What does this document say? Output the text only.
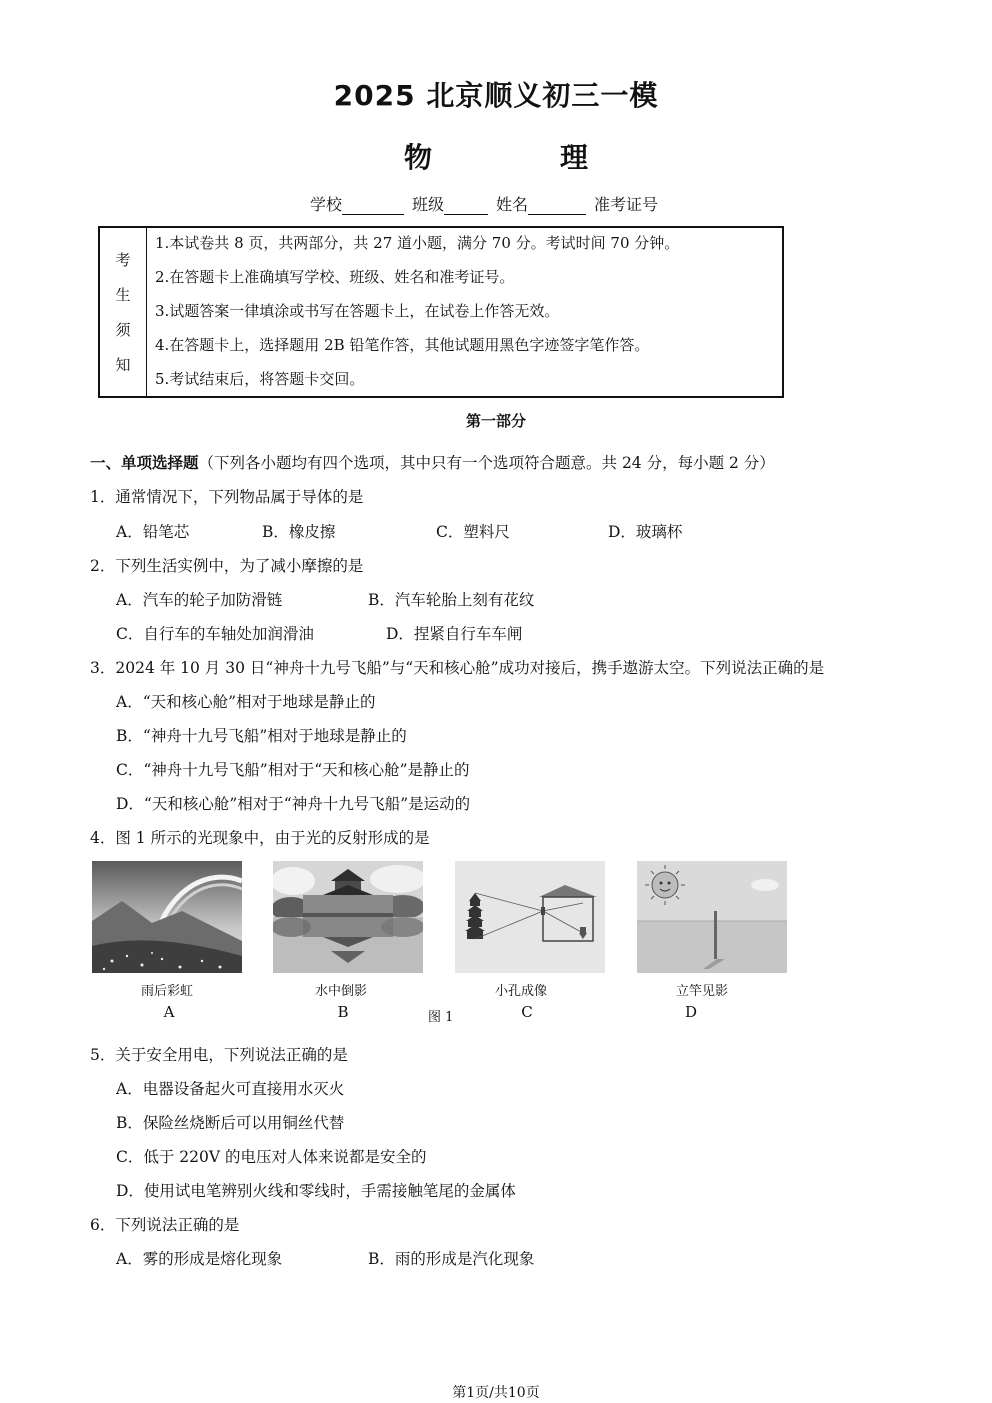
2025 北京顺义初三一模
物　理
学校	班级	姓名	准考证号
考
生
须
知
1.本试卷共 8 页，共两部分，共 27 道小题，满分 70 分。考试时间 70 分钟。
2.在答题卡上准确填写学校、班级、姓名和准考证号。
3.试题答案一律填涂或书写在答题卡上，在试卷上作答无效。
4.在答题卡上，选择题用 2B 铅笔作答，其他试题用黑色字迹签字笔作答。
5.考试结束后，将答题卡交回。
第一部分
一、单项选择题（下列各小题均有四个选项，其中只有一个选项符合题意。共 24 分，每小题 2 分）
1．通常情况下，下列物品属于导体的是
A．铅笔芯	B．橡皮擦	C．塑料尺	D．玻璃杯
2．下列生活实例中，为了减小摩擦的是
A．汽车的轮子加防滑链	B．汽车轮胎上刻有花纹
C．自行车的车轴处加润滑油	D．捏紧自行车车闸
3．2024 年 10 月 30 日“神舟十九号飞船”与“天和核心舱”成功对接后，携手遨游太空。下列说法正确的是
A．“天和核心舱”相对于地球是静止的
B．“神舟十九号飞船”相对于地球是静止的
C．“神舟十九号飞船”相对于“天和核心舱”是静止的
D．“天和核心舱”相对于“神舟十九号飞船”是运动的
4．图 1 所示的光现象中，由于光的反射形成的是
雨后彩虹	水中倒影	小孔成像	立竿见影
A	B	图 1	C	D
5．关于安全用电，下列说法正确的是
A．电器设备起火可直接用水灭火
B．保险丝烧断后可以用铜丝代替
C．低于 220V 的电压对人体来说都是安全的
D．使用试电笔辨别火线和零线时，手需接触笔尾的金属体
6．下列说法正确的是
A．雾的形成是熔化现象	B．雨的形成是汽化现象
第1页/共10页
